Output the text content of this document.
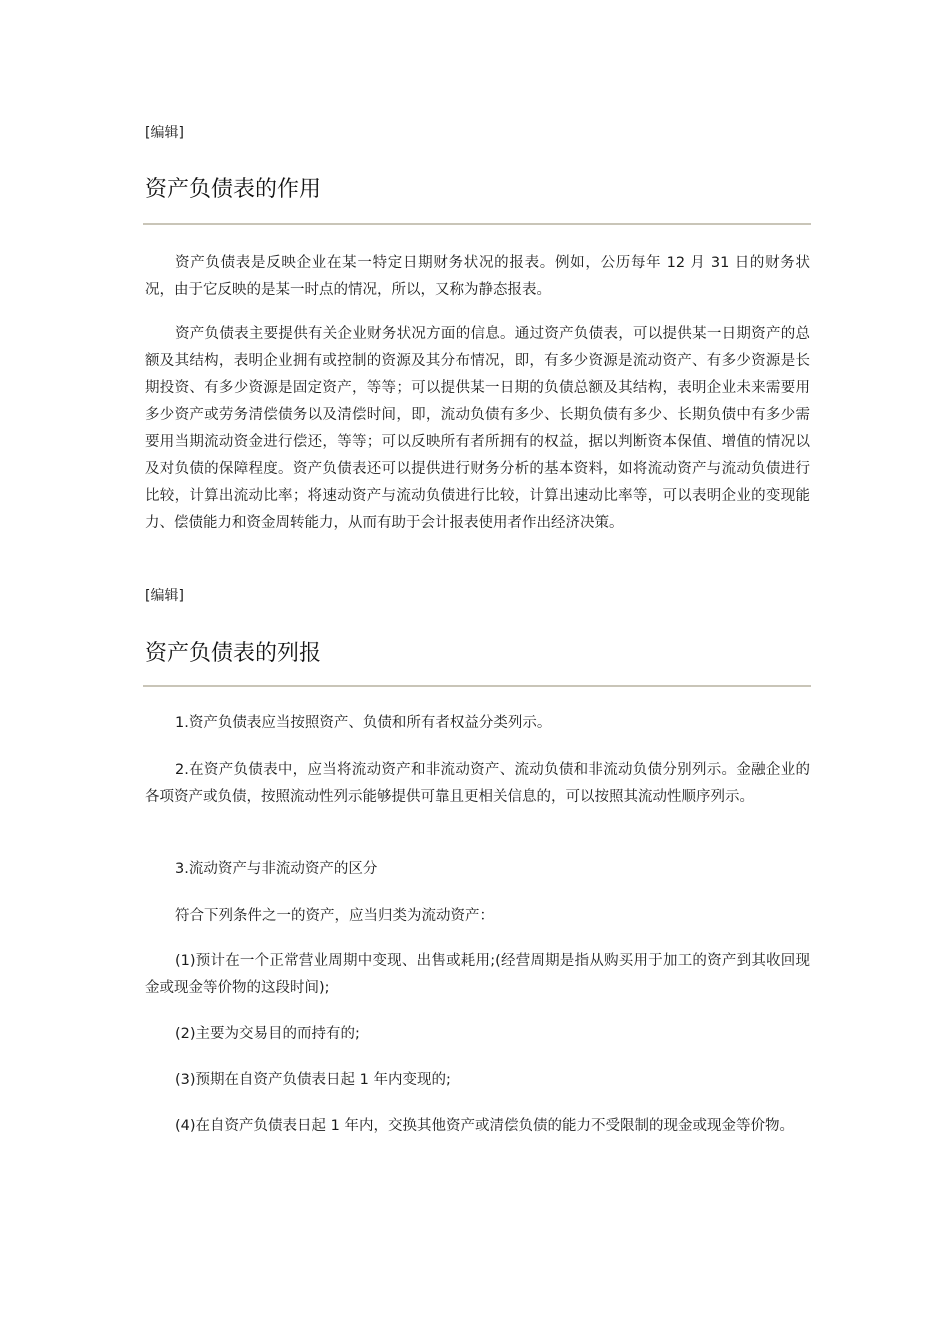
[编辑]
资产负债表的作用

资产负债表是反映企业在某一特定日期财务状况的报表。例如，公历每年 12 月 31 日的财务状况，由于它反映的是某一时点的情况，所以，又称为静态报表。

资产负债表主要提供有关企业财务状况方面的信息。通过资产负债表，可以提供某一日期资产的总额及其结构，表明企业拥有或控制的资源及其分布情况，即，有多少资源是流动资产、有多少资源是长期投资、有多少资源是固定资产，等等；可以提供某一日期的负债总额及其结构，表明企业未来需要用多少资产或劳务清偿债务以及清偿时间，即，流动负债有多少、长期负债有多少、长期负债中有多少需要用当期流动资金进行偿还，等等；可以反映所有者所拥有的权益，据以判断资本保值、增值的情况以及对负债的保障程度。资产负债表还可以提供进行财务分析的基本资料，如将流动资产与流动负债进行比较，计算出流动比率；将速动资产与流动负债进行比较，计算出速动比率等，可以表明企业的变现能力、偿债能力和资金周转能力，从而有助于会计报表使用者作出经济决策。

[编辑]
资产负债表的列报

1.资产负债表应当按照资产、负债和所有者权益分类列示。

2.在资产负债表中，应当将流动资产和非流动资产、流动负债和非流动负债分别列示。金融企业的各项资产或负债，按照流动性列示能够提供可靠且更相关信息的，可以按照其流动性顺序列示。

3.流动资产与非流动资产的区分

符合下列条件之一的资产，应当归类为流动资产：

(1)预计在一个正常营业周期中变现、出售或耗用;(经营周期是指从购买用于加工的资产到其收回现金或现金等价物的这段时间);

(2)主要为交易目的而持有的;

(3)预期在自资产负债表日起 1 年内变现的;

(4)在自资产负债表日起 1 年内，交换其他资产或清偿负债的能力不受限制的现金或现金等价物。
